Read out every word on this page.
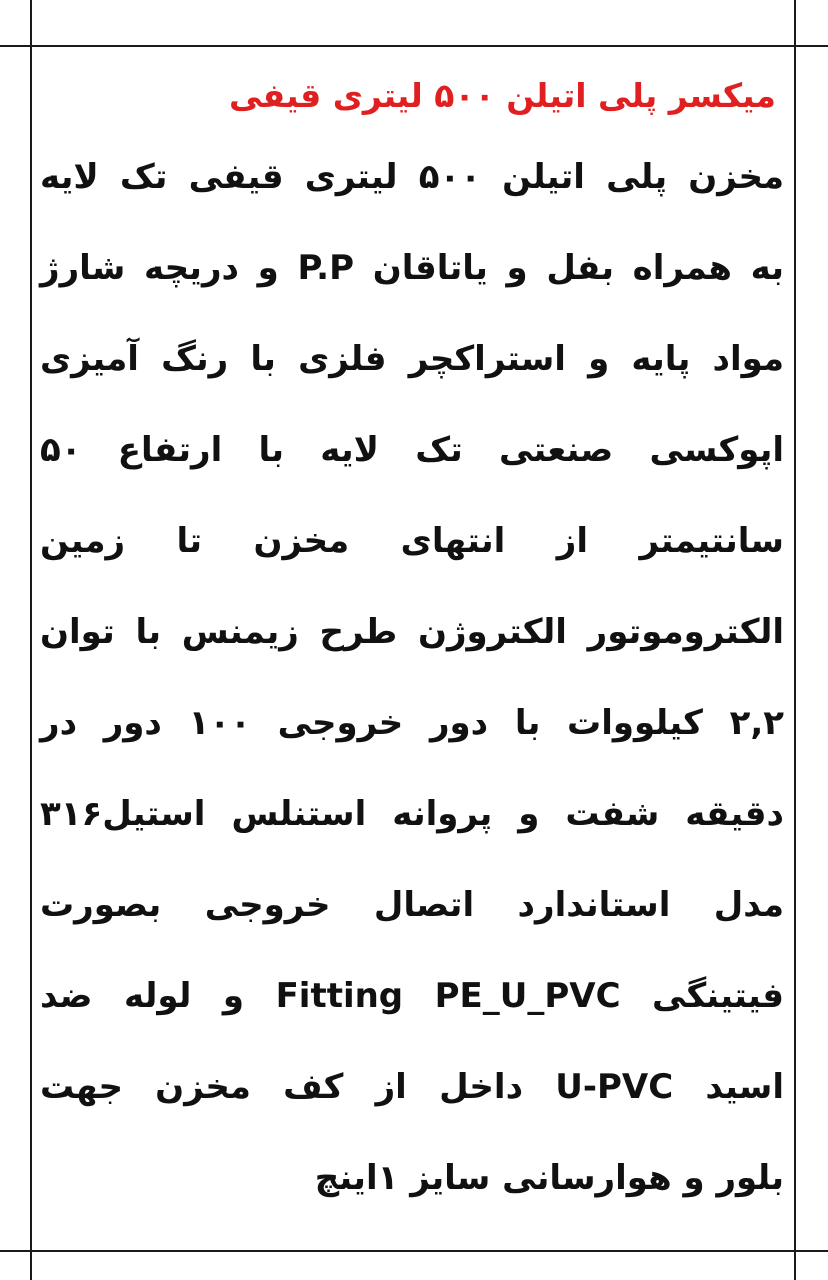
میکسر پلی اتیلن ۵۰۰ لیتری قیفی
مخزن پلی اتیلن ۵۰۰ لیتری قیفی تک لایه
به همراه بفل و یاتاقان P.P و دریچه شارژ
مواد پایه و استراکچر فلزی با رنگ آمیزی
اپوکسی صنعتی تک لایه با ارتفاع ۵۰
سانتیمتر از انتهای مخزن تا زمین
الکتروموتور الکتروژن طرح زیمنس با توان
۲,۲ کیلووات با دور خروجی ۱۰۰ دور در
دقیقه شفت و پروانه استنلس استیل۳۱۶
مدل استاندارد اتصال خروجی بصورت
فیتینگی Fitting PE_U_PVC و لوله ضد
اسید U-PVC داخل از کف مخزن جهت
بلور و هوارسانی سایز ۱اینچ
